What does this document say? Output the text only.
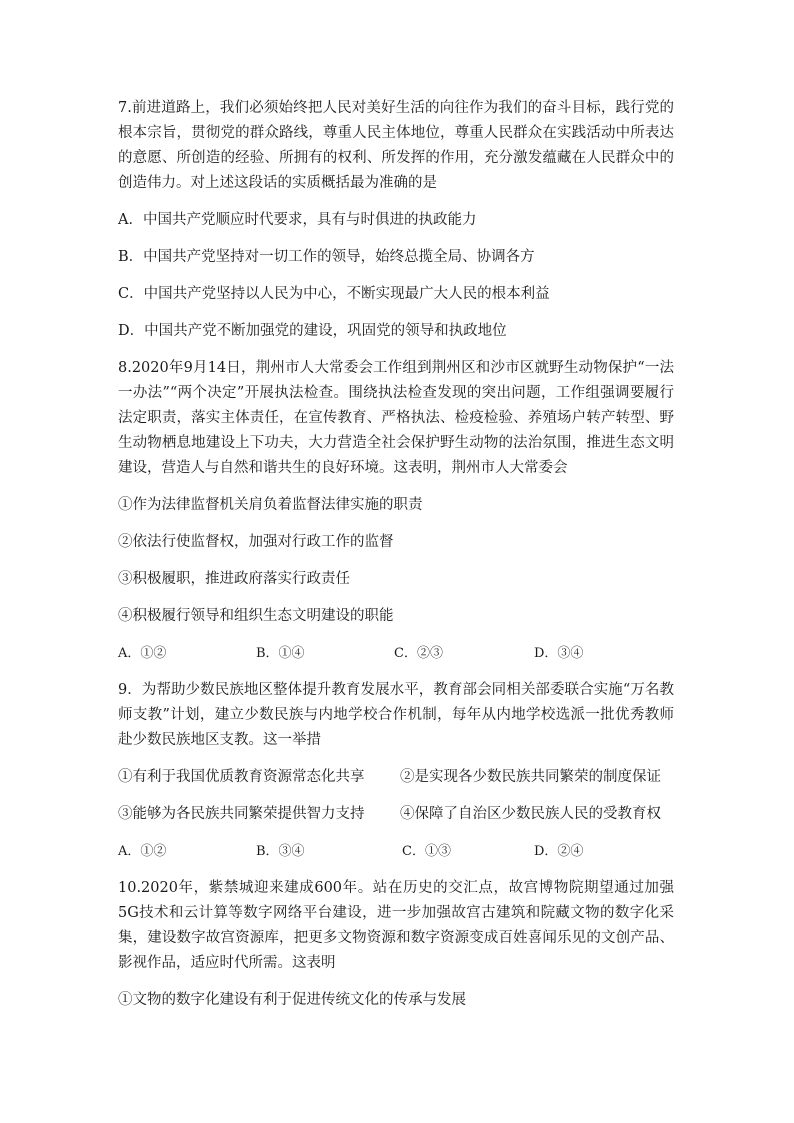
7.前进道路上，我们必须始终把人民对美好生活的向往作为我们的奋斗目标，践行党的根本宗旨，贯彻党的群众路线，尊重人民主体地位，尊重人民群众在实践活动中所表达的意愿、所创造的经验、所拥有的权利、所发挥的作用，充分激发蕴藏在人民群众中的创造伟力。对上述这段话的实质概括最为准确的是

A．中国共产党顺应时代要求，具有与时俱进的执政能力

B．中国共产党坚持对一切工作的领导，始终总揽全局、协调各方

C．中国共产党坚持以人民为中心，不断实现最广大人民的根本利益

D．中国共产党不断加强党的建设，巩固党的领导和执政地位

8.2020年9月14日，荆州市人大常委会工作组到荆州区和沙市区就野生动物保护“一法一办法”“两个决定”开展执法检查。围绕执法检查发现的突出问题，工作组强调要履行法定职责，落实主体责任，在宣传教育、严格执法、检疫检验、养殖场户转产转型、野生动物栖息地建设上下功夫，大力营造全社会保护野生动物的法治氛围，推进生态文明建设，营造人与自然和谐共生的良好环境。这表明，荆州市人大常委会

①作为法律监督机关肩负着监督法律实施的职责

②依法行使监督权，加强对行政工作的监督

③积极履职，推进政府落实行政责任

④积极履行领导和组织生态文明建设的职能

A．①②	B．①④	C．②③	D．③④

9．为帮助少数民族地区整体提升教育发展水平，教育部会同相关部委联合实施“万名教师支教”计划，建立少数民族与内地学校合作机制，每年从内地学校选派一批优秀教师赴少数民族地区支教。这一举措

①有利于我国优质教育资源常态化共享	②是实现各少数民族共同繁荣的制度保证
③能够为各民族共同繁荣提供智力支持	④保障了自治区少数民族人民的受教育权
A．①②	B．③④	C．①③	D．②④

10.2020年，紫禁城迎来建成600年。站在历史的交汇点，故宫博物院期望通过加强5G技术和云计算等数字网络平台建设，进一步加强故宫古建筑和院藏文物的数字化采集，建设数字故宫资源库，把更多文物资源和数字资源变成百姓喜闻乐见的文创产品、影视作品，适应时代所需。这表明

①文物的数字化建设有利于促进传统文化的传承与发展
